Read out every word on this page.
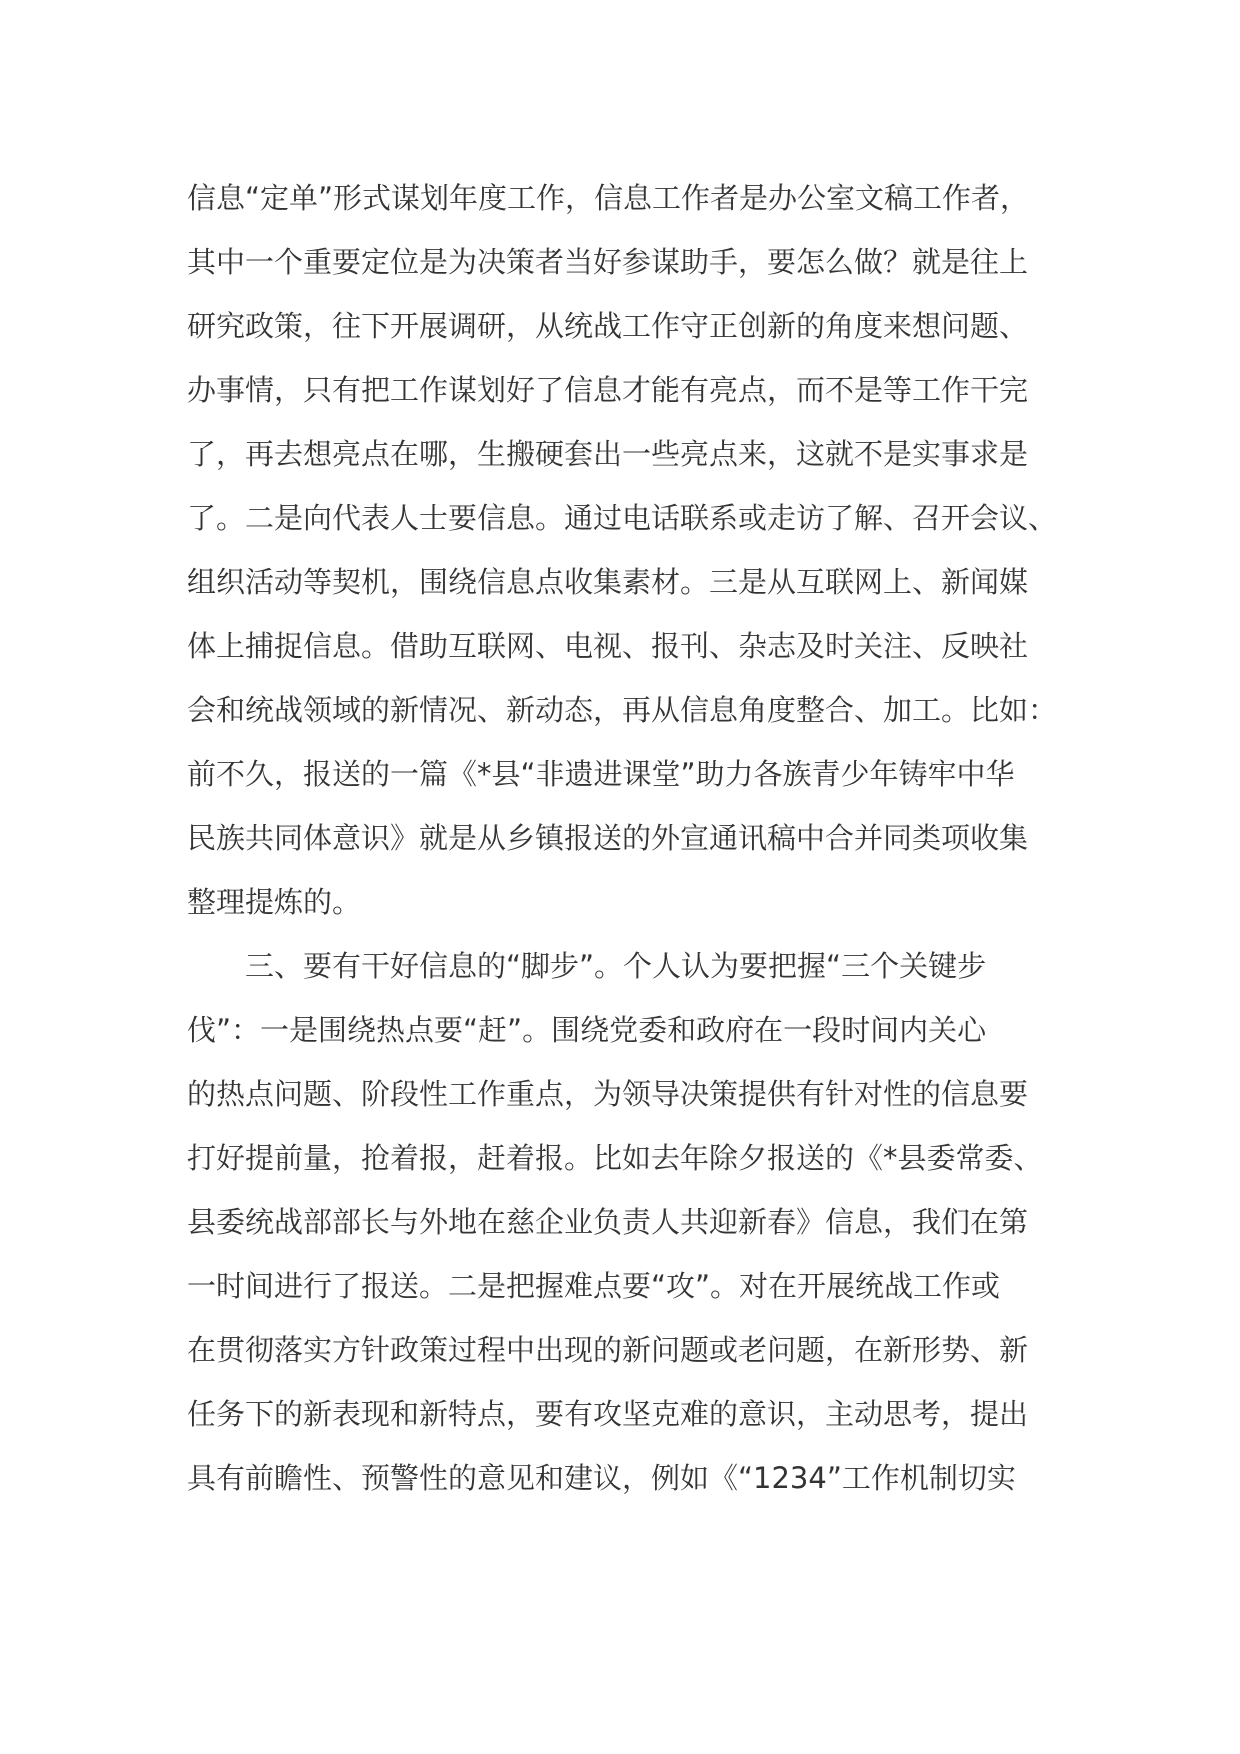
信息“定单”形式谋划年度工作，信息工作者是办公室文稿工作者，
其中一个重要定位是为决策者当好参谋助手，要怎么做？就是往上
研究政策，往下开展调研，从统战工作守正创新的角度来想问题、
办事情，只有把工作谋划好了信息才能有亮点，而不是等工作干完
了，再去想亮点在哪，生搬硬套出一些亮点来，这就不是实事求是
了。二是向代表人士要信息。通过电话联系或走访了解、召开会议、
组织活动等契机，围绕信息点收集素材。三是从互联网上、新闻媒
体上捕捉信息。借助互联网、电视、报刊、杂志及时关注、反映社
会和统战领域的新情况、新动态，再从信息角度整合、加工。比如：
前不久，报送的一篇《*县“非遗进课堂”助力各族青少年铸牢中华
民族共同体意识》就是从乡镇报送的外宣通讯稿中合并同类项收集
整理提炼的。
　　三、要有干好信息的“脚步”。个人认为要把握“三个关键步
伐”：一是围绕热点要“赶”。围绕党委和政府在一段时间内关心
的热点问题、阶段性工作重点，为领导决策提供有针对性的信息要
打好提前量，抢着报，赶着报。比如去年除夕报送的《*县委常委、
县委统战部部长与外地在慈企业负责人共迎新春》信息，我们在第
一时间进行了报送。二是把握难点要“攻”。对在开展统战工作或
在贯彻落实方针政策过程中出现的新问题或老问题，在新形势、新
任务下的新表现和新特点，要有攻坚克难的意识，主动思考，提出
具有前瞻性、预警性的意见和建议，例如《“1234”工作机制切实
